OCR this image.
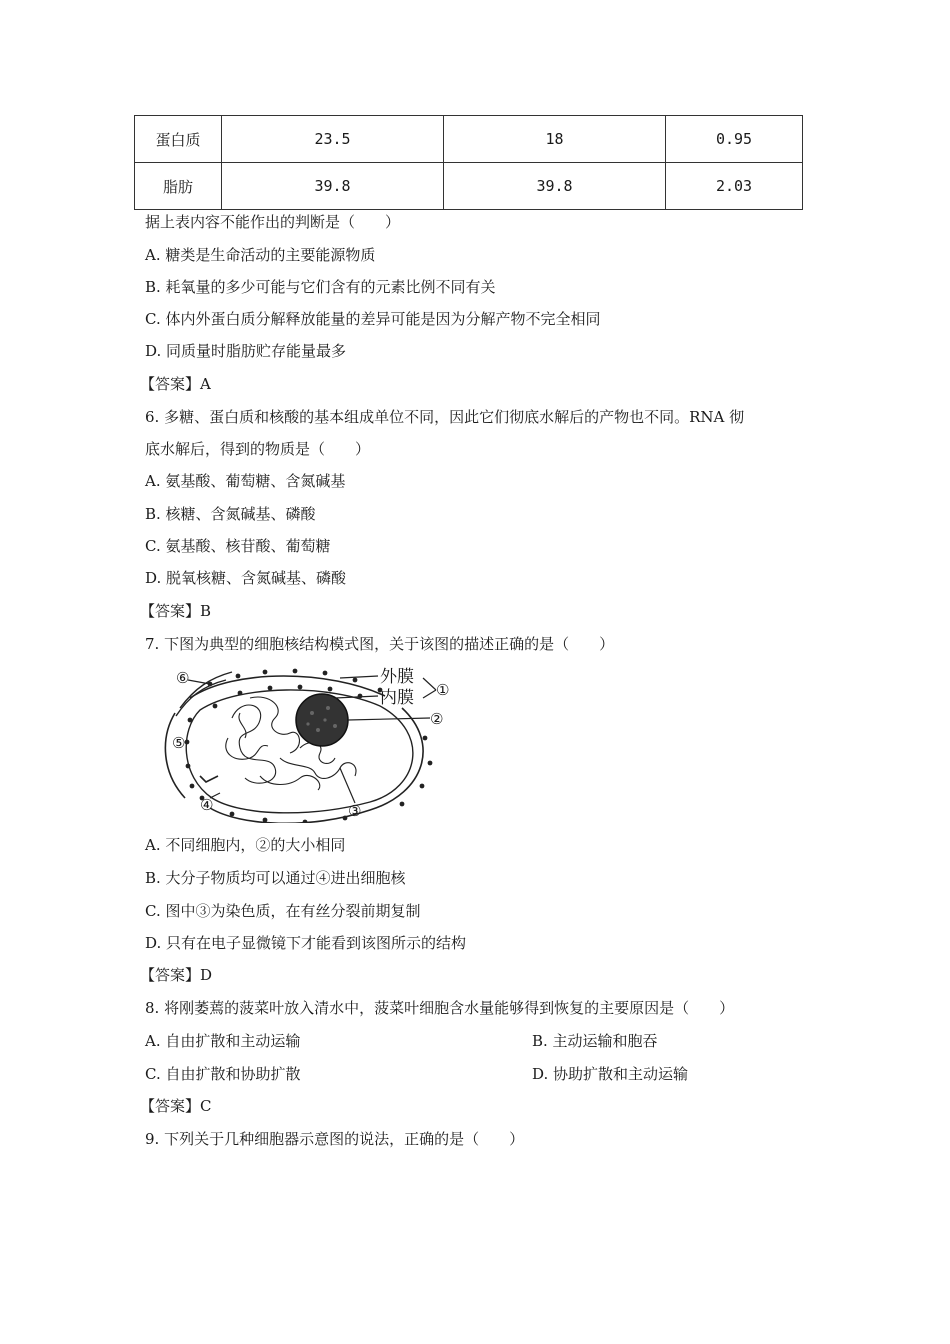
蛋白质	23.5	18	0.95
脂肪	39.8	39.8	2.03
据上表内容不能作出的判断是（　　）
A. 糖类是生命活动的主要能源物质
B. 耗氧量的多少可能与它们含有的元素比例不同有关
C. 体内外蛋白质分解释放能量的差异可能是因为分解产物不完全相同
D. 同质量时脂肪贮存能量最多
【答案】A
6. 多糖、蛋白质和核酸的基本组成单位不同，因此它们彻底水解后的产物也不同。RNA 彻
底水解后，得到的物质是（　　）
A. 氨基酸、葡萄糖、含氮碱基
B. 核糖、含氮碱基、磷酸
C. 氨基酸、核苷酸、葡萄糖
D. 脱氧核糖、含氮碱基、磷酸
【答案】B
7. 下图为典型的细胞核结构模式图，关于该图的描述正确的是（　　）
⑥
⑤
④	③
②
①
外膜
内膜
A. 不同细胞内，②的大小相同
B. 大分子物质均可以通过④进出细胞核
C. 图中③为染色质，在有丝分裂前期复制
D. 只有在电子显微镜下才能看到该图所示的结构
【答案】D
8. 将刚萎蔫的菠菜叶放入清水中，菠菜叶细胞含水量能够得到恢复的主要原因是（　　）
A. 自由扩散和主动运输	B. 主动运输和胞吞
C. 自由扩散和协助扩散	D. 协助扩散和主动运输
【答案】C
9. 下列关于几种细胞器示意图的说法，正确的是（　　）
